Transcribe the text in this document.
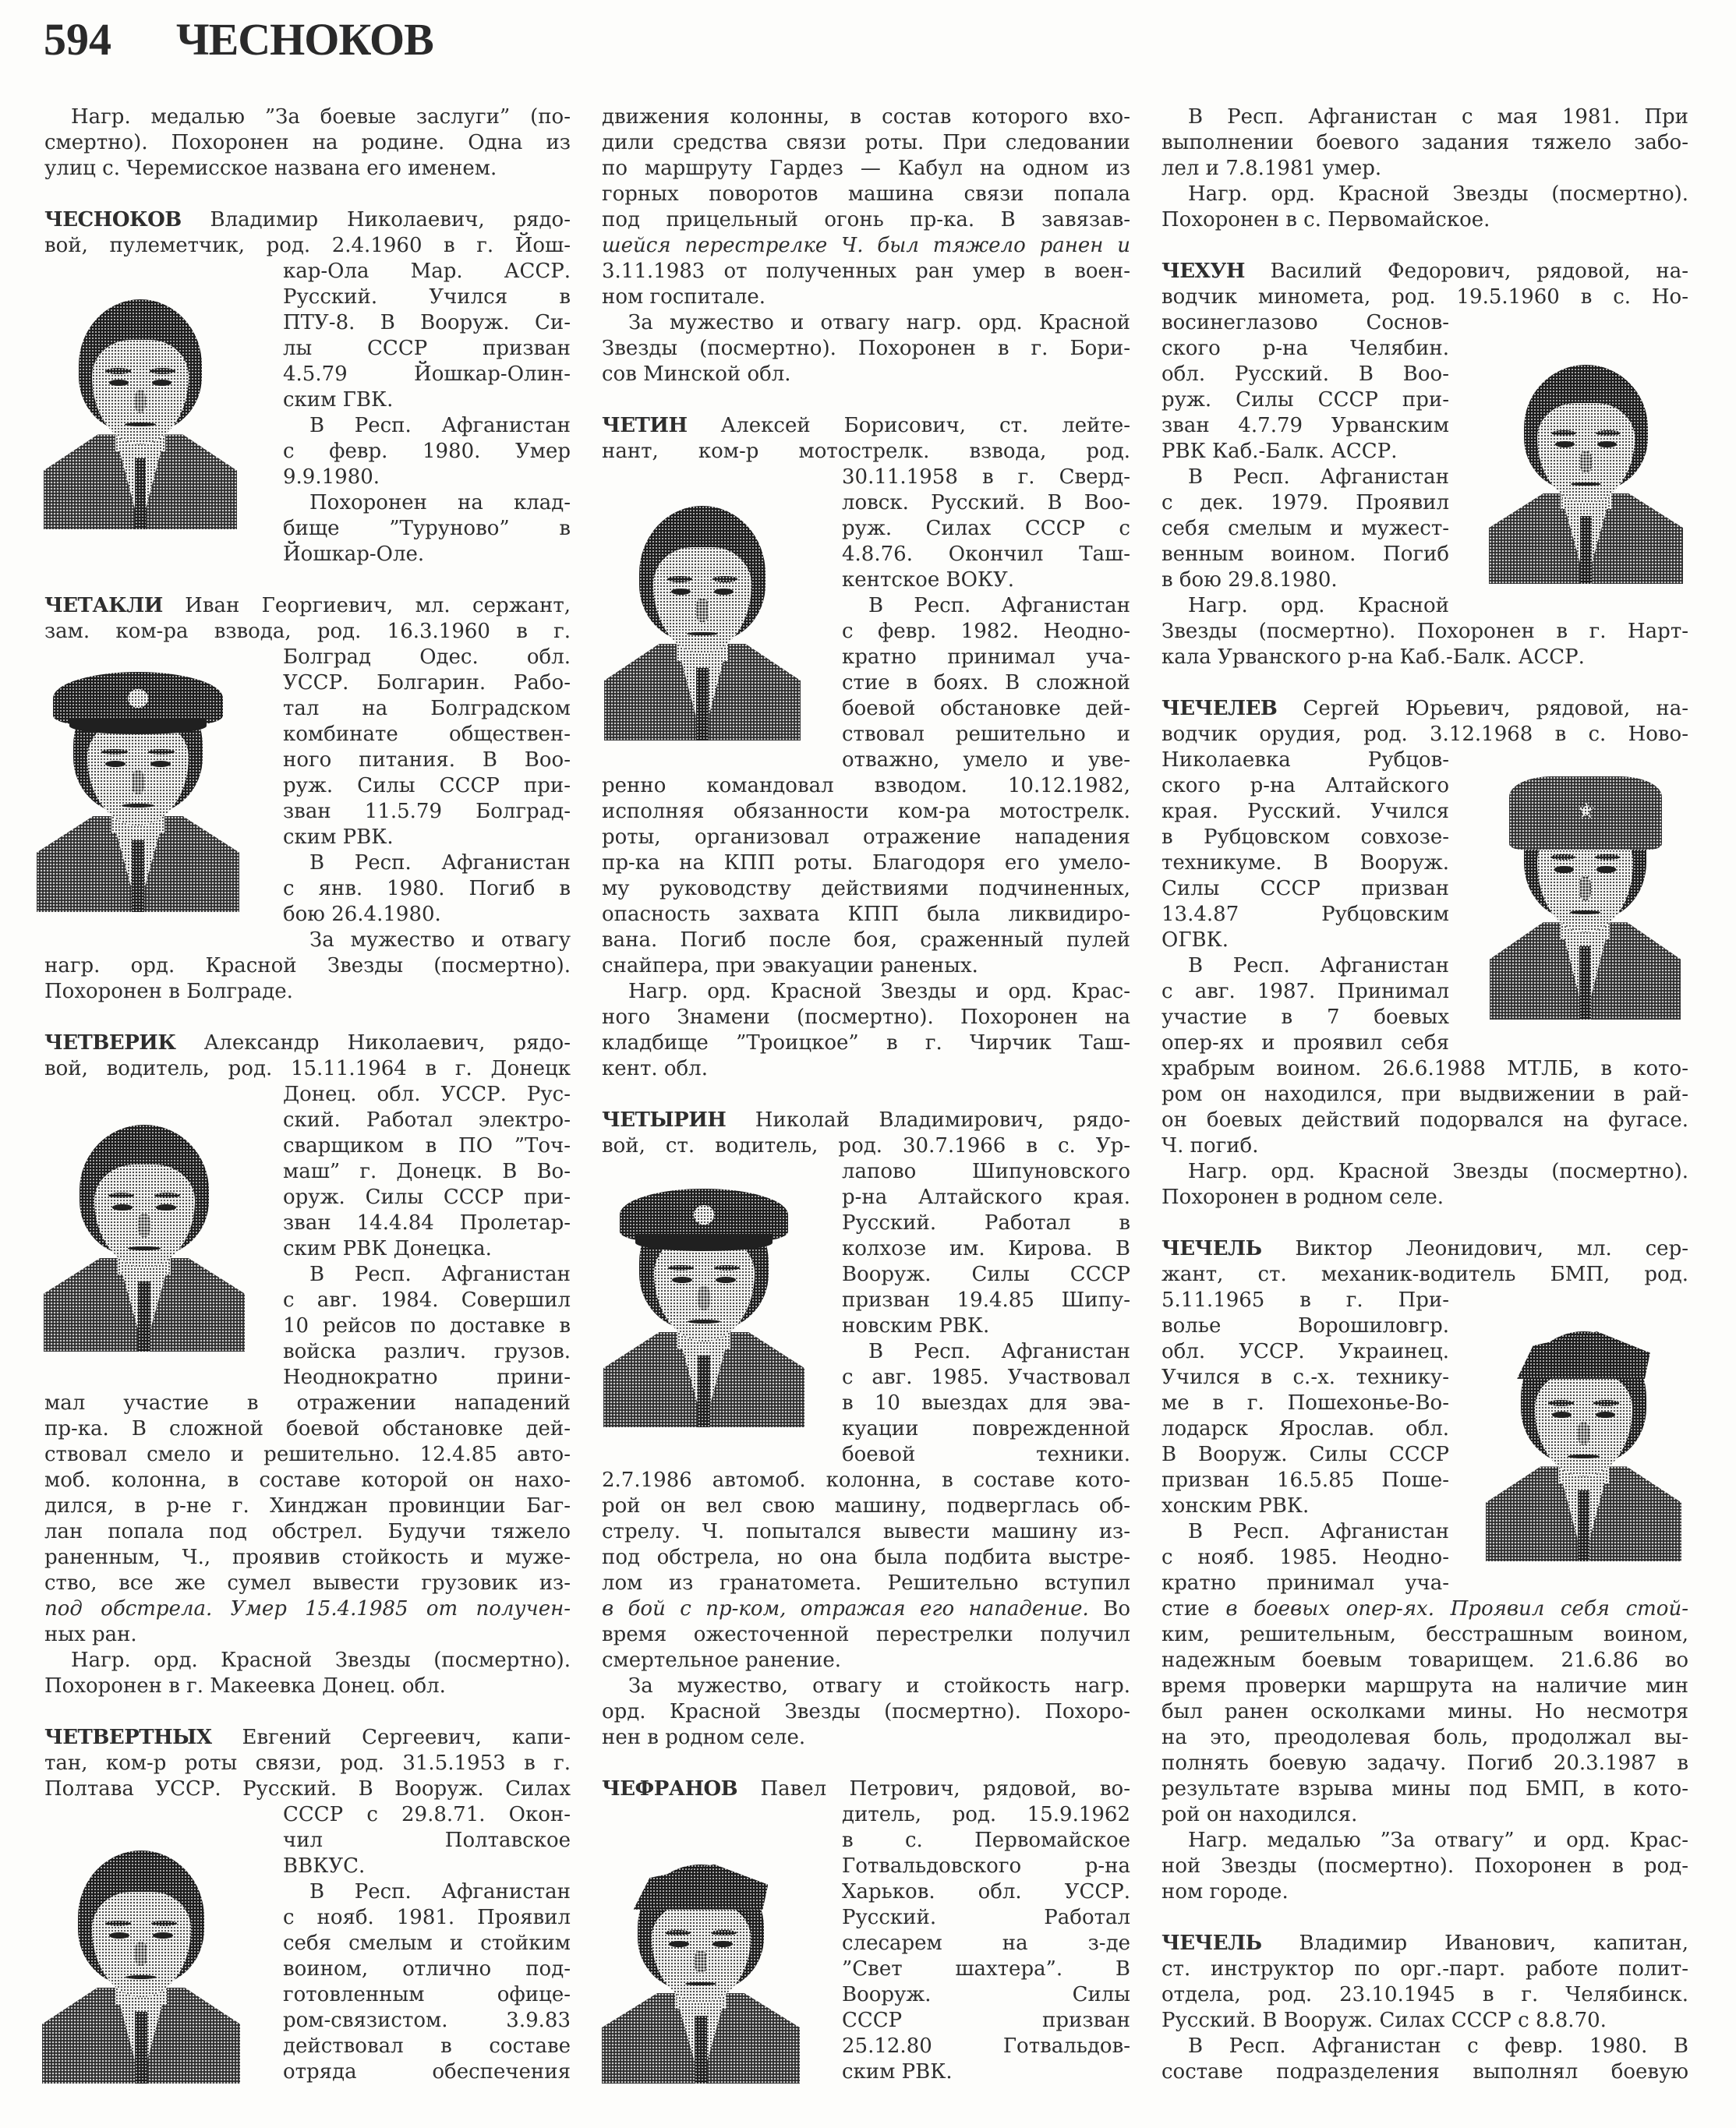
594 ЧЕСНОКОВ
Нагр. медалью ”За боевые заслуги” (по-
смертно). Похоронен на родине. Одна из
улиц с. Черемисское названа его именем.
ЧЕСНОКОВ Владимир Николаевич, рядо-
вой, пулеметчик, род. 2.4.1960 в г. Йош-
кар-Ола Мар. АССР.
Русский. Учился в
ПТУ-8. В Вооруж. Си-
лы СССР призван
4.5.79 Йошкар-Олин-
ским ГВК.
В Респ. Афганистан
с февр. 1980. Умер
9.9.1980.
Похоронен на клад-
бище ”Туруново” в
Йошкар-Оле.
ЧЕТАКЛИ Иван Георгиевич, мл. сержант,
зам. ком-ра взвода, род. 16.3.1960 в г.
Болград Одес. обл.
УССР. Болгарин. Рабо-
тал на Болградском
комбинате обществен-
ного питания. В Воо-
руж. Силы СССР при-
зван 11.5.79 Болград-
ским РВК.
В Респ. Афганистан
с янв. 1980. Погиб в
бою 26.4.1980.
За мужество и отвагу
нагр. орд. Красной Звезды (посмертно).
Похоронен в Болграде.
ЧЕТВЕРИК Александр Николаевич, рядо-
вой, водитель, род. 15.11.1964 в г. Донецк
Донец. обл. УССР. Рус-
ский. Работал электро-
сварщиком в ПО ”Точ-
маш” г. Донецк. В Во-
оруж. Силы СССР при-
зван 14.4.84 Пролетар-
ским РВК Донецка.
В Респ. Афганистан
с авг. 1984. Совершил
10 рейсов по доставке в
войска различ. грузов.
Неоднократно прини-
мал участие в отражении нападений
пр-ка. В сложной боевой обстановке дей-
ствовал смело и решительно. 12.4.85 авто-
моб. колонна, в составе которой он нахо-
дился, в р-не г. Хинджан провинции Баг-
лан попала под обстрел. Будучи тяжело
раненным, Ч., проявив стойкость и муже-
ство, все же сумел вывести грузовик из-
под обстрела. Умер 15.4.1985 от получен-
ных ран.
Нагр. орд. Красной Звезды (посмертно).
Похоронен в г. Макеевка Донец. обл.
ЧЕТВЕРТНЫХ Евгений Сергеевич, капи-
тан, ком-р роты связи, род. 31.5.1953 в г.
Полтава УССР. Русский. В Вооруж. Силах
СССР с 29.8.71. Окон-
чил Полтавское
ВВКУС.
В Респ. Афганистан
с нояб. 1981. Проявил
себя смелым и стойким
воином, отлично под-
готовленным офице-
ром-связистом. 3.9.83
действовал в составе
отряда обеспечения
движения колонны, в состав которого вхо-
дили средства связи роты. При следовании
по маршруту Гардез — Кабул на одном из
горных поворотов машина связи попала
под прицельный огонь пр-ка. В завязав-
шейся перестрелке Ч. был тяжело ранен и
3.11.1983 от полученных ран умер в воен-
ном госпитале.
За мужество и отвагу нагр. орд. Красной
Звезды (посмертно). Похоронен в г. Бори-
сов Минской обл.
ЧЕТИН Алексей Борисович, ст. лейте-
нант, ком-р мотострелк. взвода, род.
30.11.1958 в г. Сверд-
ловск. Русский. В Воо-
руж. Силах СССР с
4.8.76. Окончил Таш-
кентское ВОКУ.
В Респ. Афганистан
с февр. 1982. Неодно-
кратно принимал уча-
стие в боях. В сложной
боевой обстановке дей-
ствовал решительно и
отважно, умело и уве-
ренно командовал взводом. 10.12.1982,
исполняя обязанности ком-ра мотострелк.
роты, организовал отражение нападения
пр-ка на КПП роты. Благодоря его умело-
му руководству действиями подчиненных,
опасность захвата КПП была ликвидиро-
вана. Погиб после боя, сраженный пулей
снайпера, при эвакуации раненых.
Нагр. орд. Красной Звезды и орд. Крас-
ного Знамени (посмертно). Похоронен на
кладбище ”Троицкое” в г. Чирчик Таш-
кент. обл.
ЧЕТЫРИН Николай Владимирович, рядо-
вой, ст. водитель, род. 30.7.1966 в с. Ур-
лапово Шипуновского
р-на Алтайского края.
Русский. Работал в
колхозе им. Кирова. В
Вооруж. Силы СССР
призван 19.4.85 Шипу-
новским РВК.
В Респ. Афганистан
с авг. 1985. Участвовал
в 10 выездах для эва-
куации поврежденной
боевой техники.
2.7.1986 автомоб. колонна, в составе кото-
рой он вел свою машину, подверглась об-
стрелу. Ч. попытался вывести машину из-
под обстрела, но она была подбита выстре-
лом из гранатомета. Решительно вступил
в бой с пр-ком, отражая его нападение. Во
время ожесточенной перестрелки получил
смертельное ранение.
За мужество, отвагу и стойкость нагр.
орд. Красной Звезды (посмертно). Похоро-
нен в родном селе.
ЧЕФРАНОВ Павел Петрович, рядовой, во-
дитель, род. 15.9.1962
в с. Первомайское
Готвальдовского р-на
Харьков. обл. УССР.
Русский. Работал
слесарем на з-де
”Свет шахтера”. В
Вооруж. Силы
СССР призван
25.12.80 Готвальдов-
ским РВК.
В Респ. Афганистан с мая 1981. При
выполнении боевого задания тяжело забо-
лел и 7.8.1981 умер.
Нагр. орд. Красной Звезды (посмертно).
Похоронен в с. Первомайское.
ЧЕХУН Василий Федорович, рядовой, на-
водчик миномета, род. 19.5.1960 в с. Но-
восинеглазово Соснов-
ского р-на Челябин.
обл. Русский. В Воо-
руж. Силы СССР при-
зван 4.7.79 Урванским
РВК Каб.-Балк. АССР.
В Респ. Афганистан
с дек. 1979. Проявил
себя смелым и мужест-
венным воином. Погиб
в бою 29.8.1980.
Нагр. орд. Красной
Звезды (посмертно). Похоронен в г. Нарт-
кала Урванского р-на Каб.-Балк. АССР.
ЧЕЧЕЛЕВ Сергей Юрьевич, рядовой, на-
водчик орудия, род. 3.12.1968 в с. Ново-
Николаевка Рубцов-
ского р-на Алтайского
края. Русский. Учился
в Рубцовском совхозе-
техникуме. В Вооруж.
Силы СССР призван
13.4.87 Рубцовским
ОГВК.
В Респ. Афганистан
с авг. 1987. Принимал
участие в 7 боевых
опер-ях и проявил себя
храбрым воином. 26.6.1988 МТЛБ, в кото-
ром он находился, при выдвижении в рай-
он боевых действий подорвался на фугасе.
Ч. погиб.
Нагр. орд. Красной Звезды (посмертно).
Похоронен в родном селе.
ЧЕЧЕЛЬ Виктор Леонидович, мл. сер-
жант, ст. механик-водитель БМП, род.
5.11.1965 в г. При-
волье Ворошиловгр.
обл. УССР. Украинец.
Учился в с.-х. технику-
ме в г. Пошехонье-Во-
лодарск Ярослав. обл.
В Вооруж. Силы СССР
призван 16.5.85 Поше-
хонским РВК.
В Респ. Афганистан
с нояб. 1985. Неодно-
кратно принимал уча-
стие в боевых опер-ях. Проявил себя стой-
ким, решительным, бесстрашным воином,
надежным боевым товарищем. 21.6.86 во
время проверки маршрута на наличие мин
был ранен осколками мины. Но несмотря
на это, преодолевая боль, продолжал вы-
полнять боевую задачу. Погиб 20.3.1987 в
результате взрыва мины под БМП, в кото-
рой он находился.
Нагр. медалью ”За отвагу” и орд. Крас-
ной Звезды (посмертно). Похоронен в род-
ном городе.
ЧЕЧЕЛЬ Владимир Иванович, капитан,
ст. инструктор по орг.-парт. работе полит-
отдела, род. 23.10.1945 в г. Челябинск.
Русский. В Вооруж. Силах СССР с 8.8.70.
В Респ. Афганистан с февр. 1980. В
составе подразделения выполнял боевую
